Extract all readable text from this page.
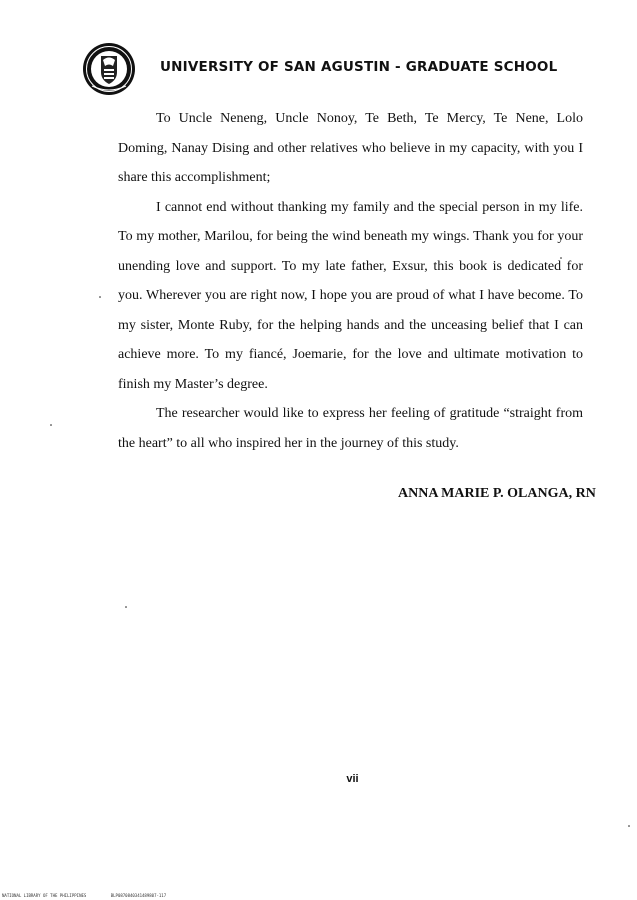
UNIVERSITY OF SAN AGUSTIN - GRADUATE SCHOOL

To Uncle Neneng, Uncle Nonoy, Te Beth, Te Mercy, Te Nene, Lolo Doming, Nanay Dising and other relatives who believe in my capacity, with you I share this accomplishment;

I cannot end without thanking my family and the special person in my life. To my mother, Marilou, for being the wind beneath my wings. Thank you for your unending love and support. To my late father, Exsur, this book is dedicated for you. Wherever you are right now, I hope you are proud of what I have become. To my sister, Monte Ruby, for the helping hands and the unceasing belief that I can achieve more. To my fiancé, Joemarie, for the love and ultimate motivation to finish my Master’s degree.

The researcher would like to express her feeling of gratitude “straight from the heart” to all who inspired her in the journey of this study.

ANNA MARIE P. OLANGA, RN
vii
NATIONAL LIBRARY OF THE PHILIPPINES	BLP0870840341489807-117
